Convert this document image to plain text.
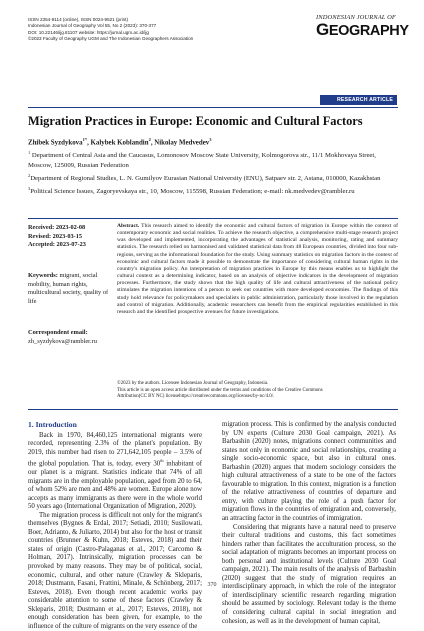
ISSN 2354-9114 (online), ISSN 0024-9521 (print)
Indonesian Journal of Geography Vol 55, No 2 (2023): 370-377
DOI: 10.22146/ijg.81107 website: https://jurnal.ugm.ac.id/ijg
©2023 Faculty of Geography UGM and The Indonesian Geographers Association
INDONESIAN JOURNAL OF
GEOGRAPHY
RESEARCH ARTICLE
Migration Practices in Europe: Economic and Cultural Factors
Zhibek Syzdykova$^{1*}$, Kalybek Koblandin$^2$, Nikolay Medvedev$^3$

$^1$ Department of Central Asia and the Caucasus, Lomonosov Moscow State University, Kolmogorova str., 11/1 Mokhovaya Street, Moscow, 125009, Russian Federation

$^2$Department of Regional Studies, L. N. Gumilyov Eurasian National University (ENU), Satpaev str. 2, Astana, 010000, Kazakhstan

$^3$Political Science Issues, Zagoryevskaya str., 10, Moscow, 115598, Russian Federation; e-mail: nk.medvedev@rambler.ru

Received: 2023-02-08
Revised: 2023-03-15
Accepted: 2023-07-23
Keywords: migrant, social mobility, human rights, multicultural society, quality of life
Correspondent email:
zh_syzdykova@rambler.ru
Abstract. This research aimed to identify the economic and cultural factors of migration in Europe within the context of contemporary economic and social realities. To achieve the research objective, a comprehensive multi-stage research project was developed and implemented, incorporating the advantages of statistical analysis, monitoring, rating and summary statistics. The research relied on harmonised and validated statistical data from 48 European countries, divided into four sub-regions, serving as the informational foundation for the study. Using summary statistics on migration factors in the context of economic and cultural factors made it possible to demonstrate the importance of considering cultural human rights in the country's migration policy. An interpretation of migration practices in Europe by this means enables us to highlight the cultural context as a determining indicator, based on an analysis of objective indicators in the development of migration processes. Furthermore, the study shows that the high quality of life and cultural attractiveness of the national policy stimulates the migration intentions of a person to seek out countries with more developed economies. The findings of this study hold relevance for policymakers and specialists in public administration, particularly those involved in the regulation and control of migration. Additionally, academic researchers can benefit from the empirical regularities established in this research and the identified prospective avenues for future investigations.
©2023 by the authors. Licensee Indonesian Journal of Geography, Indonesia.
This article is an open access article distributed under the terms and conditions of the Creative Commons
Attribution(CC BY NC) licensehttps://creativecommons.org/licenses/by-nc/4.0/.
1. Introduction

Back in 1970, 84,460,125 international migrants were recorded, representing 2.3% of the planet's population. By 2019, this number had risen to 271,642,105 people – 3.5% of the global population. That is, today, every 30th inhabitant of our planet is a migrant. Statistics indicate that 74% of all migrants are in the employable population, aged from 20 to 64, of whom 52% are men and 48% are women. Europe alone now accepts as many immigrants as there were in the whole world 50 years ago (International Organization of Migration, 2020).

The migration process is difficult not only for the migrant's themselves (Bygnes & Erdal, 2017; Setiadi, 2010; Susilowati, Boer, Adrianto, & Juliarto, 2014) but also for the host or transit countries (Brunner & Kuhn, 2018; Esteves, 2018) and their states of origin (Castro-Palaganas et al., 2017; Carcomo & Holman, 2017). Intrinsically, migration processes can be provoked by many reasons. They may be of political, social, economic, cultural, and other nature (Crawley & Skleparis, 2018; Dustmann, Fasani, Frattini, Minale, & Schönberg, 2017; Esteves, 2018). Even though recent academic works pay considerable attention to some of these factors (Crawley & Skleparis, 2018; Dustmann et al., 2017; Esteves, 2018), not enough consideration has been given, for example, to the influence of the culture of migrants on the very essence of the

migration process. This is confirmed by the analysis conducted by UN experts (Culture 2030 Goal campaign, 2021). As Barbashin (2020) notes, migrations connect communities and states not only in economic and social relationships, creating a single socio-economic space, but also in cultural ones. Barbashin (2020) argues that modern sociology considers the high cultural attractiveness of a state to be one of the factors favourable to migration. In this context, migration is a function of the relative attractiveness of countries of departure and entry, with culture playing the role of a push factor for migration flows in the countries of emigration and, conversely, an attracting factor in the countries of immigration.

Considering that migrants have a natural need to preserve their cultural traditions and customs, this fact sometimes hinders rather than facilitates the acculturation process, so the social adaptation of migrants becomes an important process on both personal and institutional levels (Culture 2030 Goal campaign, 2021). The main results of the analysis of Barbashin (2020) suggest that the study of migration requires an interdisciplinary approach, in which the role of the integrator of interdisciplinary scientific research regarding migration should be assumed by sociology. Relevant today is the theme of considering cultural capital in social integration and cohesion, as well as in the development of human capital,

370
